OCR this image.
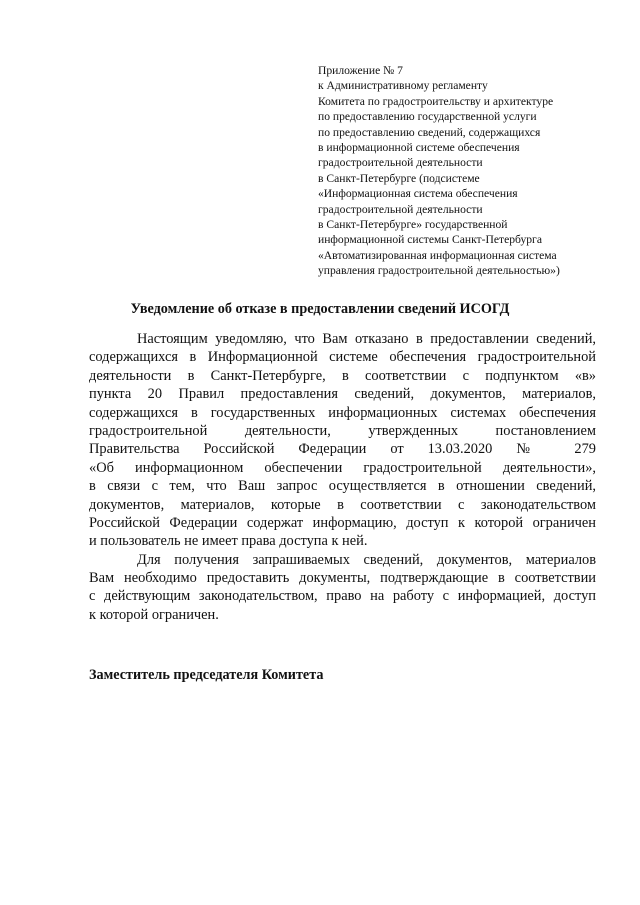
Приложение № 7
к Административному регламенту
Комитета по градостроительству и архитектуре
по предоставлению государственной услуги
по предоставлению сведений, содержащихся
в информационной системе обеспечения
градостроительной деятельности
в Санкт-Петербурге (подсистеме
«Информационная система обеспечения
градостроительной деятельности
в Санкт-Петербурге» государственной
информационной системы Санкт-Петербурга
«Автоматизированная информационная система
управления градостроительной деятельностью»)
Уведомление об отказе в предоставлении сведений ИСОГД
Настоящим уведомляю, что Вам отказано в предоставлении сведений,
содержащихся в Информационной системе обеспечения градостроительной
деятельности в Санкт-Петербурге, в соответствии с подпунктом «в»
пункта 20 Правил предоставления сведений, документов, материалов,
содержащихся в государственных информационных системах обеспечения
градостроительной деятельности, утвержденных постановлением
Правительства Российской Федерации от 13.03.2020 № 279
«Об информационном обеспечении градостроительной деятельности»,
в связи с тем, что Ваш запрос осуществляется в отношении сведений,
документов, материалов, которые в соответствии с законодательством
Российской Федерации содержат информацию, доступ к которой ограничен
и пользователь не имеет права доступа к ней.
Для получения запрашиваемых сведений, документов, материалов
Вам необходимо предоставить документы, подтверждающие в соответствии
с действующим законодательством, право на работу с информацией, доступ
к которой ограничен.
Заместитель председателя Комитета
